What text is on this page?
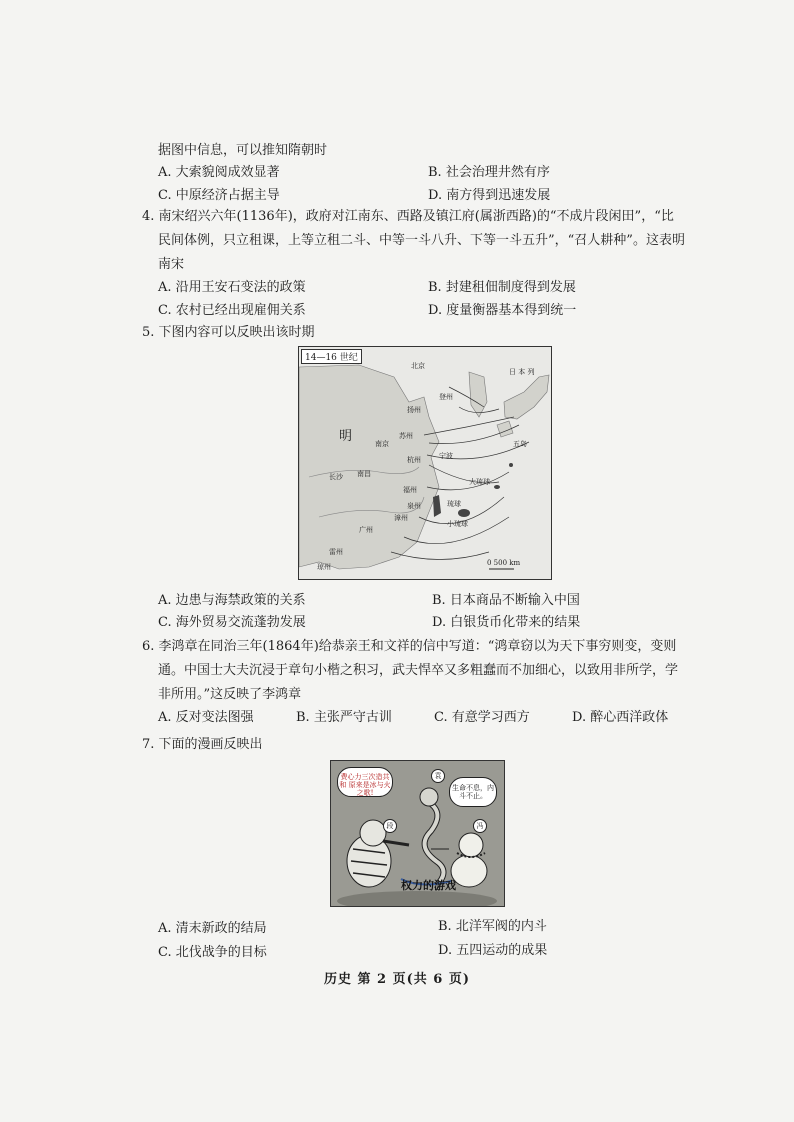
据图中信息，可以推知隋朝时
A. 大索貌阅成效显著	B. 社会治理井然有序
C. 中原经济占据主导	D. 南方得到迅速发展
4. 南宋绍兴六年(1136年)，政府对江南东、西路及镇江府(属浙西路)的“不成片段闲田”，“比
民间体例，只立租课，上等立租二斗、中等一斗八升、下等一斗五升”，“召人耕种”。这表明
南宋
A. 沿用王安石变法的政策	B. 封建租佃制度得到发展
C. 农村已经出现雇佣关系	D. 度量衡器基本得到统一
5. 下图内容可以反映出该时期
14—16 世纪
明
日 本 列
北京
登州
扬州
苏州
杭州
南京
宁波
长沙 南昌
福州
泉州
漳州
广州
琉球
五岛
大琉球
小琉球
雷州
琼州	0 500 km
A. 边患与海禁政策的关系	B. 日本商品不断输入中国
C. 海外贸易交流蓬勃发展	D. 白银货币化带来的结果
6. 李鸿章在同治三年(1864年)给恭亲王和文祥的信中写道：“鸿章窃以为天下事穷则变，变则
通。中国士大夫沉浸于章句小楷之积习，武夫悍卒又多粗蠢而不加细心，以致用非所学，学
非所用。”这反映了李鸿章
A. 反对变法图强	B. 主张严守古训	C. 有意学习西方	D. 醉心西洋政体
7. 下面的漫画反映出
费心力三次造共和 原来是冰与火之歌!
生命不息，内斗不止。
袁
段	冯
权力的游戏
A. 清末新政的结局	B. 北洋军阀的内斗
C. 北伐战争的目标	D. 五四运动的成果
历史 第 2 页(共 6 页)
